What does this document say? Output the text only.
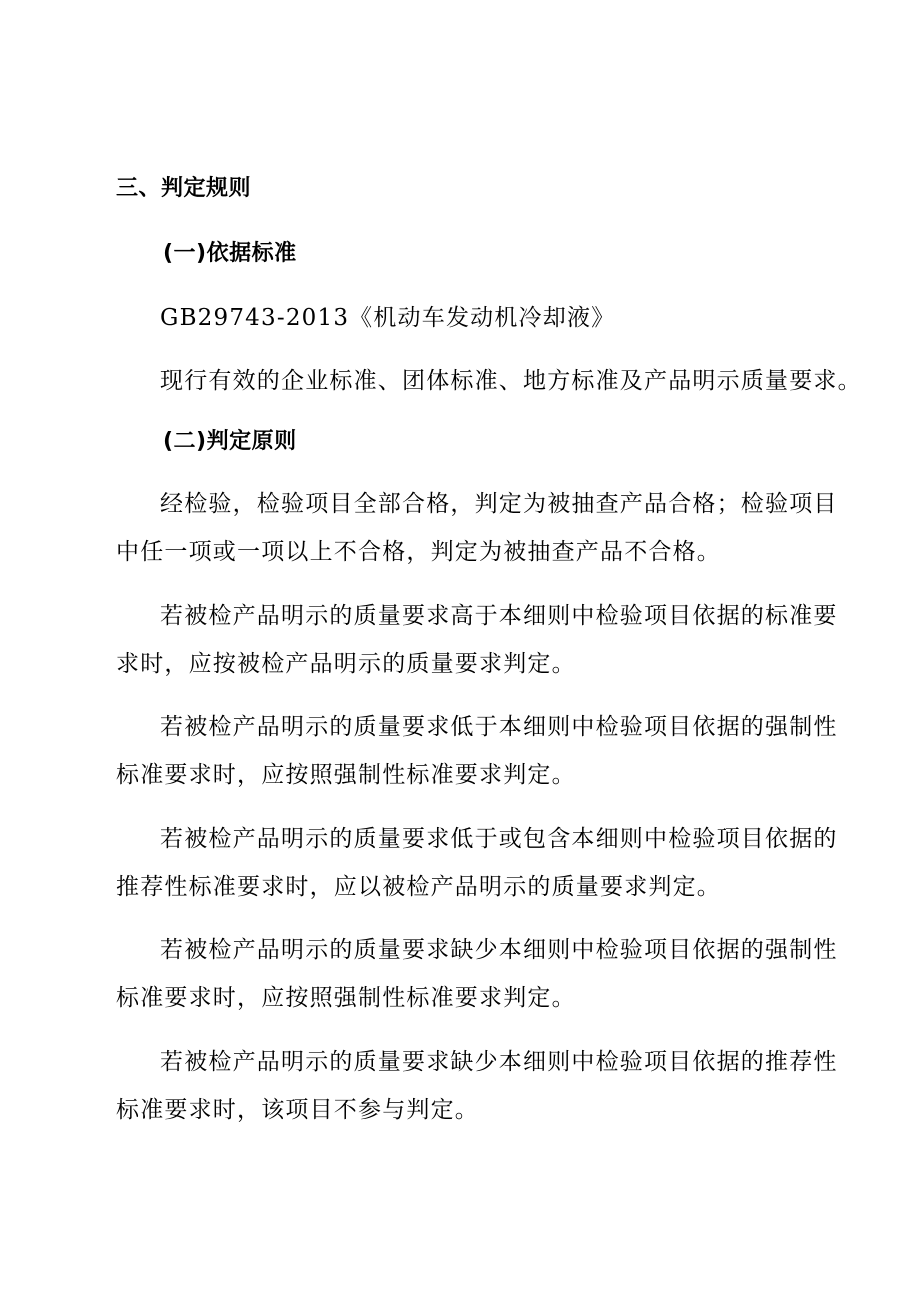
三、判定规则
(一)依据标准
GB29743-2013《机动车发动机冷却液》
现行有效的企业标准、团体标准、地方标准及产品明示质量要求。
(二)判定原则
经检验，检验项目全部合格，判定为被抽查产品合格；检验项目
中任一项或一项以上不合格，判定为被抽查产品不合格。
若被检产品明示的质量要求高于本细则中检验项目依据的标准要
求时，应按被检产品明示的质量要求判定。
若被检产品明示的质量要求低于本细则中检验项目依据的强制性
标准要求时，应按照强制性标准要求判定。
若被检产品明示的质量要求低于或包含本细则中检验项目依据的
推荐性标准要求时，应以被检产品明示的质量要求判定。
若被检产品明示的质量要求缺少本细则中检验项目依据的强制性
标准要求时，应按照强制性标准要求判定。
若被检产品明示的质量要求缺少本细则中检验项目依据的推荐性
标准要求时，该项目不参与判定。
